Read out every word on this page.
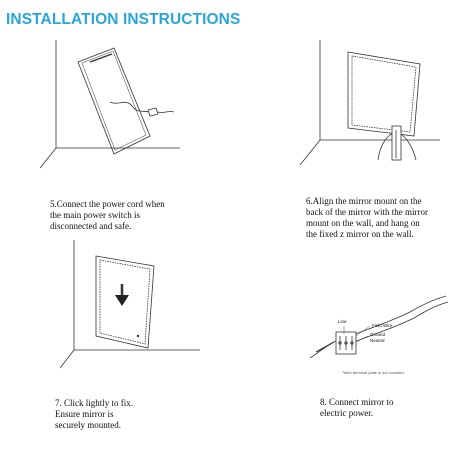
INSTALLATION INSTRUCTIONS
5.Connect the power cord when
the main power switch is
disconnected and safe.
6.Align the mirror mount on the
back of the mirror with the mirror
mount on the wall, and hang on
the fixed z mirror on the wall.
7. Click lightly to fix.
Ensure mirror is
securely mounted.
Line
Field Wire
Ground
Neutral
*Wire terminal plate is not included.
8. Connect mirror to
electric power.
